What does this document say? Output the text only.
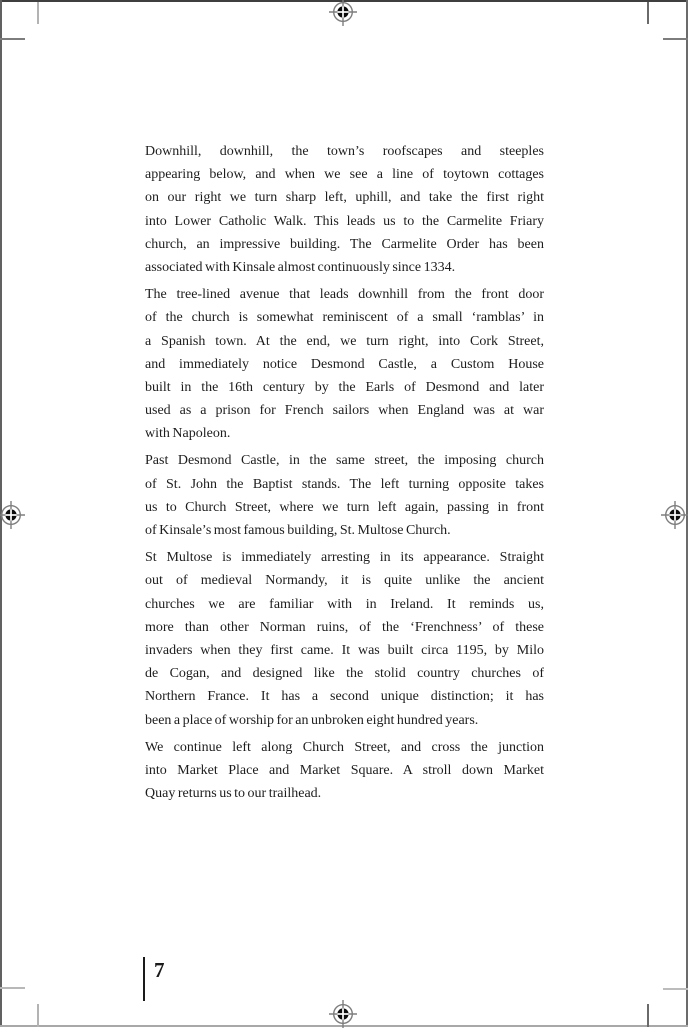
Downhill, downhill, the town’s roofscapes and steeples
appearing below, and when we see a line of toytown cottages
on our right we turn sharp left, uphill, and take the first right
into Lower Catholic Walk. This leads us to the Carmelite Friary
church, an impressive building. The Carmelite Order has been
associated with Kinsale almost continuously since 1334.
The tree-lined avenue that leads downhill from the front door
of the church is somewhat reminiscent of a small ‘ramblas’ in
a Spanish town. At the end, we turn right, into Cork Street,
and immediately notice Desmond Castle, a Custom House
built in the 16th century by the Earls of Desmond and later
used as a prison for French sailors when England was at war
with Napoleon.
Past Desmond Castle, in the same street, the imposing church
of St. John the Baptist stands. The left turning opposite takes
us to Church Street, where we turn left again, passing in front
of Kinsale’s most famous building, St. Multose Church.
St Multose is immediately arresting in its appearance. Straight
out of medieval Normandy, it is quite unlike the ancient
churches we are familiar with in Ireland. It reminds us,
more than other Norman ruins, of the ‘Frenchness’ of these
invaders when they first came. It was built circa 1195, by Milo
de Cogan, and designed like the stolid country churches of
Northern France. It has a second unique distinction; it has
been a place of worship for an unbroken eight hundred years.
We continue left along Church Street, and cross the junction
into Market Place and Market Square. A stroll down Market
Quay returns us to our trailhead.
7
